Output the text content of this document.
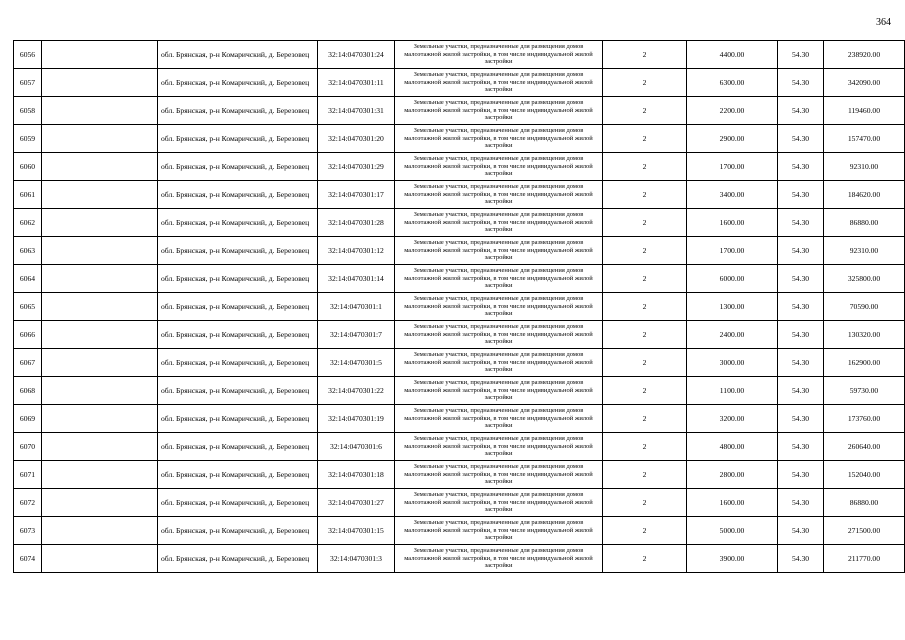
364
6056		обл. Брянская, р-н Комаричский, д. Березовец	32:14:0470301:24	Земельные участки, предназначенные для размещения домов малоэтажной жилой застройки, в том числе индивидуальной жилой застройки	2	4400.00	54.30	238920.00
6057		обл. Брянская, р-н Комаричский, д. Березовец	32:14:0470301:11	Земельные участки, предназначенные для размещения домов малоэтажной жилой застройки, в том числе индивидуальной жилой застройки	2	6300.00	54.30	342090.00
6058		обл. Брянская, р-н Комаричский, д. Березовец	32:14:0470301:31	Земельные участки, предназначенные для размещения домов малоэтажной жилой застройки, в том числе индивидуальной жилой застройки	2	2200.00	54.30	119460.00
6059		обл. Брянская, р-н Комаричский, д. Березовец	32:14:0470301:20	Земельные участки, предназначенные для размещения домов малоэтажной жилой застройки, в том числе индивидуальной жилой застройки	2	2900.00	54.30	157470.00
6060		обл. Брянская, р-н Комаричский, д. Березовец	32:14:0470301:29	Земельные участки, предназначенные для размещения домов малоэтажной жилой застройки, в том числе индивидуальной жилой застройки	2	1700.00	54.30	92310.00
6061		обл. Брянская, р-н Комаричский, д. Березовец	32:14:0470301:17	Земельные участки, предназначенные для размещения домов малоэтажной жилой застройки, в том числе индивидуальной жилой застройки	2	3400.00	54.30	184620.00
6062		обл. Брянская, р-н Комаричский, д. Березовец	32:14:0470301:28	Земельные участки, предназначенные для размещения домов малоэтажной жилой застройки, в том числе индивидуальной жилой застройки	2	1600.00	54.30	86880.00
6063		обл. Брянская, р-н Комаричский, д. Березовец	32:14:0470301:12	Земельные участки, предназначенные для размещения домов малоэтажной жилой застройки, в том числе индивидуальной жилой застройки	2	1700.00	54.30	92310.00
6064		обл. Брянская, р-н Комаричский, д. Березовец	32:14:0470301:14	Земельные участки, предназначенные для размещения домов малоэтажной жилой застройки, в том числе индивидуальной жилой застройки	2	6000.00	54.30	325800.00
6065		обл. Брянская, р-н Комаричский, д. Березовец	32:14:0470301:1	Земельные участки, предназначенные для размещения домов малоэтажной жилой застройки, в том числе индивидуальной жилой застройки	2	1300.00	54.30	70590.00
6066		обл. Брянская, р-н Комаричский, д. Березовец	32:14:0470301:7	Земельные участки, предназначенные для размещения домов малоэтажной жилой застройки, в том числе индивидуальной жилой застройки	2	2400.00	54.30	130320.00
6067		обл. Брянская, р-н Комаричский, д. Березовец	32:14:0470301:5	Земельные участки, предназначенные для размещения домов малоэтажной жилой застройки, в том числе индивидуальной жилой застройки	2	3000.00	54.30	162900.00
6068		обл. Брянская, р-н Комаричский, д. Березовец	32:14:0470301:22	Земельные участки, предназначенные для размещения домов малоэтажной жилой застройки, в том числе индивидуальной жилой застройки	2	1100.00	54.30	59730.00
6069		обл. Брянская, р-н Комаричский, д. Березовец	32:14:0470301:19	Земельные участки, предназначенные для размещения домов малоэтажной жилой застройки, в том числе индивидуальной жилой застройки	2	3200.00	54.30	173760.00
6070		обл. Брянская, р-н Комаричский, д. Березовец	32:14:0470301:6	Земельные участки, предназначенные для размещения домов малоэтажной жилой застройки, в том числе индивидуальной жилой застройки	2	4800.00	54.30	260640.00
6071		обл. Брянская, р-н Комаричский, д. Березовец	32:14:0470301:18	Земельные участки, предназначенные для размещения домов малоэтажной жилой застройки, в том числе индивидуальной жилой застройки	2	2800.00	54.30	152040.00
6072		обл. Брянская, р-н Комаричский, д. Березовец	32:14:0470301:27	Земельные участки, предназначенные для размещения домов малоэтажной жилой застройки, в том числе индивидуальной жилой застройки	2	1600.00	54.30	86880.00
6073		обл. Брянская, р-н Комаричский, д. Березовец	32:14:0470301:15	Земельные участки, предназначенные для размещения домов малоэтажной жилой застройки, в том числе индивидуальной жилой застройки	2	5000.00	54.30	271500.00
6074		обл. Брянская, р-н Комаричский, д. Березовец	32:14:0470301:3	Земельные участки, предназначенные для размещения домов малоэтажной жилой застройки, в том числе индивидуальной жилой застройки	2	3900.00	54.30	211770.00
